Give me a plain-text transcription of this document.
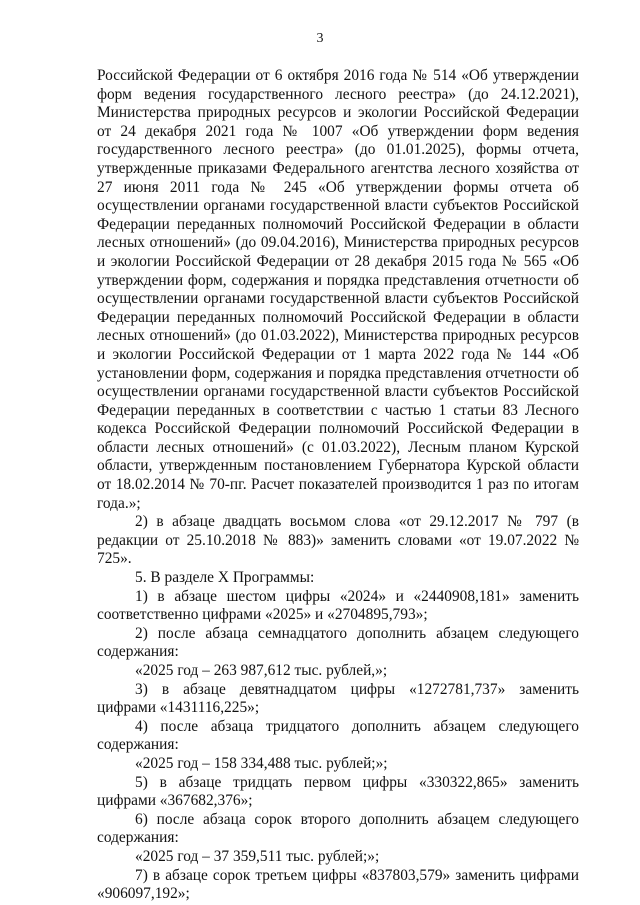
3

Российской Федерации от 6 октября 2016 года № 514 «Об утверждении форм ведения государственного лесного реестра» (до 24.12.2021), Министерства природных ресурсов и экологии Российской Федерации от 24 декабря 2021 года № 1007 «Об утверждении форм ведения государственного лесного реестра» (до 01.01.2025), формы отчета, утвержденные приказами Федерального агентства лесного хозяйства от 27 июня 2011 года № 245 «Об утверждении формы отчета об осуществлении органами государственной власти субъектов Российской Федерации переданных полномочий Российской Федерации в области лесных отношений» (до 09.04.2016), Министерства природных ресурсов и экологии Российской Федерации от 28 декабря 2015 года № 565 «Об утверждении форм, содержания и порядка представления отчетности об осуществлении органами государственной власти субъектов Российской Федерации переданных полномочий Российской Федерации в области лесных отношений» (до 01.03.2022), Министерства природных ресурсов и экологии Российской Федерации от 1 марта 2022 года № 144 «Об установлении форм, содержания и порядка представления отчетности об осуществлении органами государственной власти субъектов Российской Федерации переданных в соответствии с частью 1 статьи 83 Лесного кодекса Российской Федерации полномочий Российской Федерации в области лесных отношений» (с 01.03.2022), Лесным планом Курской области, утвержденным постановлением Губернатора Курской области от 18.02.2014 № 70-пг. Расчет показателей производится 1 раз по итогам года.»;

2) в абзаце двадцать восьмом слова «от 29.12.2017 № 797 (в редакции от 25.10.2018 № 883)» заменить словами «от 19.07.2022 № 725».

5. В разделе X Программы:

1) в абзаце шестом цифры «2024» и «2440908,181» заменить соответственно цифрами «2025» и «2704895,793»;

2) после абзаца семнадцатого дополнить абзацем следующего содержания:

«2025 год – 263 987,612 тыс. рублей,»;

3) в абзаце девятнадцатом цифры «1272781,737» заменить цифрами «1431116,225»;

4) после абзаца тридцатого дополнить абзацем следующего содержания:

«2025 год – 158 334,488 тыс. рублей;»;

5) в абзаце тридцать первом цифры «330322,865» заменить цифрами «367682,376»;

6) после абзаца сорок второго дополнить абзацем следующего содержания:

«2025 год – 37 359,511 тыс. рублей;»;

7) в абзаце сорок третьем цифры «837803,579» заменить цифрами «906097,192»;
